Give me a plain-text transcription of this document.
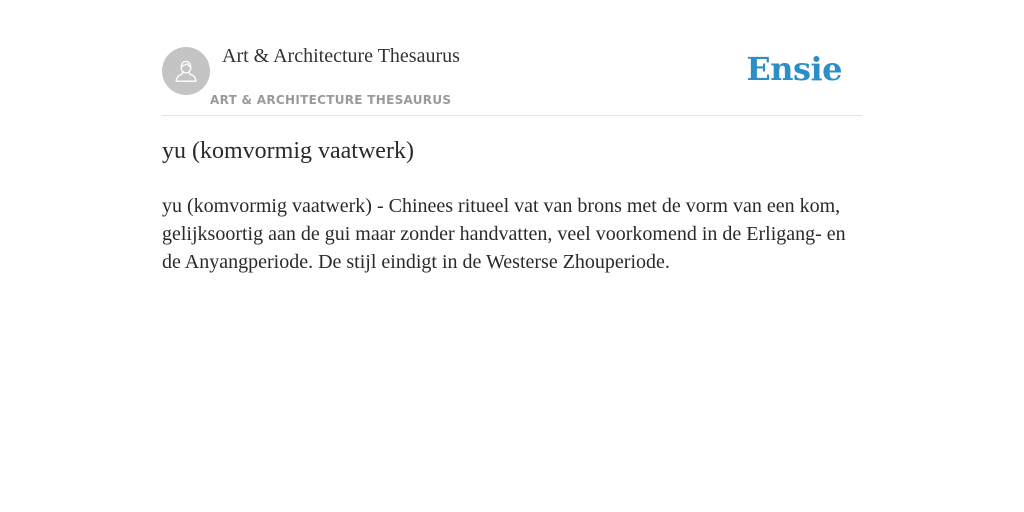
Art & Architecture Thesaurus
ART & ARCHITECTURE THESAURUS
Ensie
yu (komvormig vaatwerk)

yu (komvormig vaatwerk) - Chinees ritueel vat van brons met de vorm van een kom, gelijksoortig aan de gui maar zonder handvatten, veel voorkomend in de Erligang- en de Anyangperiode. De stijl eindigt in de Westerse Zhouperiode.
